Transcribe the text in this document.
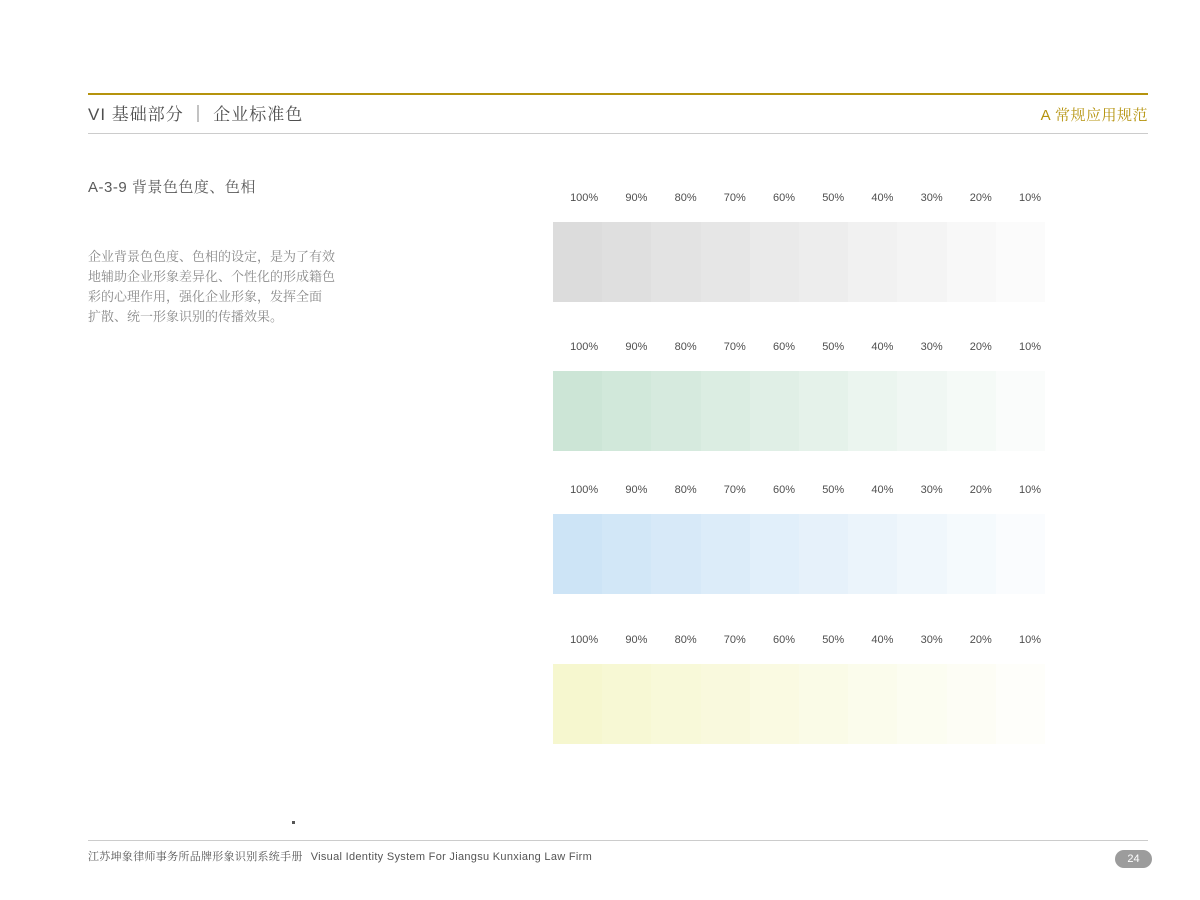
VI 基础部分 ｜ 企业标准色	A 常规应用规范
A-3-9 背景色色度、色相
企业背景色色度、色相的设定，是为了有效
地辅助企业形象差异化、个性化的形成籍色
彩的心理作用，强化企业形象，发挥全面
扩散、统一形象识别的传播效果。
100%	90%	80%	70%	60%	50%	40%	30%	20%	10%
100%	90%	80%	70%	60%	50%	40%	30%	20%	10%
100%	90%	80%	70%	60%	50%	40%	30%	20%	10%
100%	90%	80%	70%	60%	50%	40%	30%	20%	10%
江苏坤象律师事务所品牌形象识别系统手册 Visual Identity System For Jiangsu Kunxiang Law Firm	24
